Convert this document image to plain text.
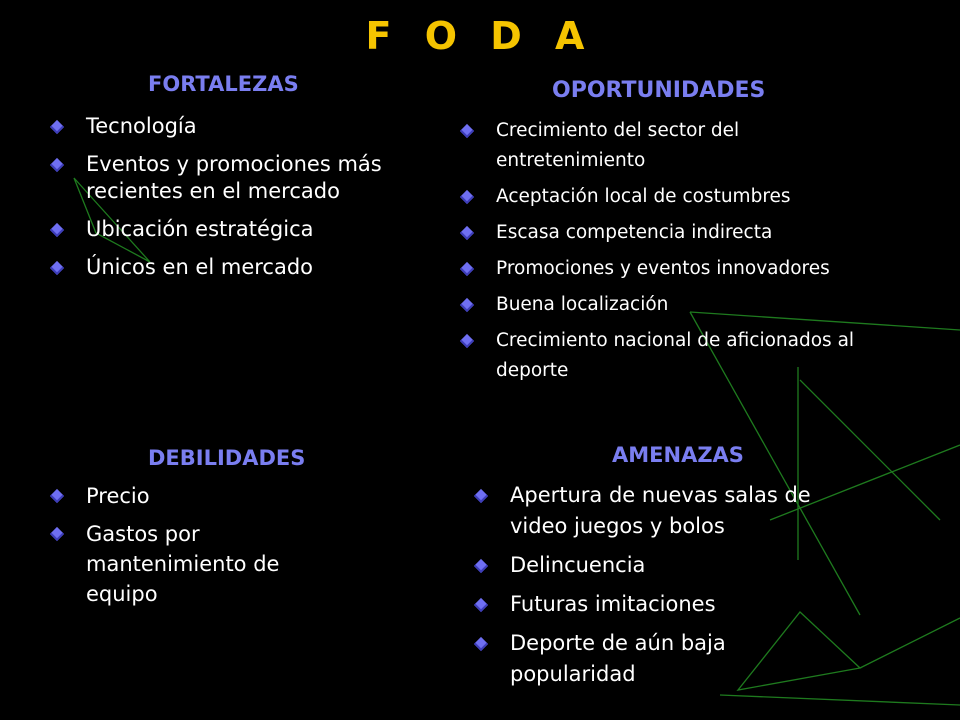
F O D A
FORTALEZAS
Tecnología
Eventos y promociones más recientes en el mercado
Ubicación estratégica
Únicos en el mercado
OPORTUNIDADES
Crecimiento del sector del entretenimiento
Aceptación local de costumbres
Escasa competencia indirecta
Promociones y eventos innovadores
Buena localización
Crecimiento nacional de aficionados al deporte
DEBILIDADES
Precio
Gastos por mantenimiento de equipo
AMENAZAS
Apertura de nuevas salas de video juegos y bolos
Delincuencia
Futuras imitaciones
Deporte de aún baja popularidad
